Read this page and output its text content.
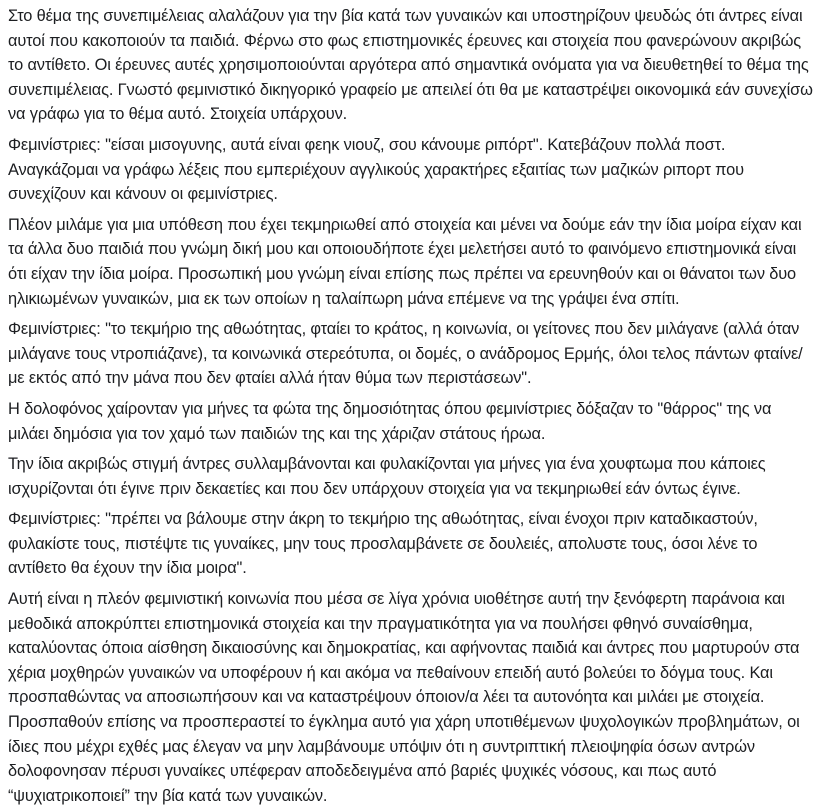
Στο θέμα της συνεπιμέλειας αλαλάζουν για την βία κατά των γυναικών και υποστηρίζουν ψευδώς ότι άντρες είναι αυτοί που κακοποιούν τα παιδιά. Φέρνω στο φως επιστημονικές έρευνες και στοιχεία που φανερώνουν ακριβώς το αντίθετο. Οι έρευνες αυτές χρησιμοποιούνται αργότερα από σημαντικά ονόματα για να διευθετηθεί το θέμα της συνεπιμέλειας. Γνωστό φεμινιστικό δικηγορικό γραφείο με απειλεί ότι θα με καταστρέψει οικονομικά εάν συνεχίσω να γράφω για το θέμα αυτό. Στοιχεία υπάρχουν.

Φεμινίστριες: "είσαι μισογυνης, αυτά είναι φεηκ νιουζ, σου κάνουμε ριπόρτ". Κατεβάζουν πολλά ποστ. Αναγκάζομαι να γράφω λέξεις που εμπεριέχουν αγγλικούς χαρακτήρες εξαιτίας των μαζικών ριπορτ που συνεχίζουν και κάνουν οι φεμινίστριες.

Πλέον μιλάμε για μια υπόθεση που έχει τεκμηριωθεί από στοιχεία και μένει να δούμε εάν την ίδια μοίρα είχαν και τα άλλα δυο παιδιά που γνώμη δική μου και οποιουδήποτε έχει μελετήσει αυτό το φαινόμενο επιστημονικά είναι ότι είχαν την ίδια μοίρα. Προσωπική μου γνώμη είναι επίσης πως πρέπει να ερευνηθούν και οι θάνατοι των δυο ηλικιωμένων γυναικών, μια εκ των οποίων η ταλαίπωρη μάνα επέμενε να της γράψει ένα σπίτι.

Φεμινίστριες: "το τεκμήριο της αθωότητας, φταίει το κράτος, η κοινωνία, οι γείτονες που δεν μιλάγανε (αλλά όταν μιλάγανε τους ντροπιάζανε), τα κοινωνικά στερεότυπα, οι δομές, ο ανάδρομος Ερμής, όλοι τελος πάντων φταίνε/με εκτός από την μάνα που δεν φταίει αλλά ήταν θύμα των περιστάσεων".

Η δολοφόνος χαίρονταν για μήνες τα φώτα της δημοσιότητας όπου φεμινίστριες δόξαζαν το "θάρρος" της να μιλάει δημόσια για τον χαμό των παιδιών της και της χάριζαν στάτους ήρωα.

Την ίδια ακριβώς στιγμή άντρες συλλαμβάνονται και φυλακίζονται για μήνες για ένα χουφτωμα που κάποιες ισχυρίζονται ότι έγινε πριν δεκαετίες και που δεν υπάρχουν στοιχεία για να τεκμηριωθεί εάν όντως έγινε.

Φεμινίστριες: "πρέπει να βάλουμε στην άκρη το τεκμήριο της αθωότητας, είναι ένοχοι πριν καταδικαστούν, φυλακίστε τους, πιστέψτε τις γυναίκες, μην τους προσλαμβάνετε σε δουλειές, απολυστε τους, όσοι λένε το αντίθετο θα έχουν την ίδια μοιρα".

Αυτή είναι η πλεόν φεμινιστική κοινωνία που μέσα σε λίγα χρόνια υιοθέτησε αυτή την ξενόφερτη παράνοια και μεθοδικά αποκρύπτει επιστημονικά στοιχεία και την πραγματικότητα για να πουλήσει φθηνό συναίσθημα, καταλύοντας όποια αίσθηση δικαιοσύνης και δημοκρατίας, και αφήνοντας παιδιά και άντρες που μαρτυρούν στα χέρια μοχθηρών γυναικών να υποφέρουν ή και ακόμα να πεθαίνουν επειδή αυτό βολεύει το δόγμα τους. Και προσπαθώντας να αποσιωπήσουν και να καταστρέψουν όποιον/α λέει τα αυτονόητα και μιλάει με στοιχεία. Προσπαθούν επίσης να προσπεραστεί το έγκλημα αυτό για χάρη υποτιθέμενων ψυχολογικών προβλημάτων, οι ίδιες που μέχρι εχθές μας έλεγαν να μην λαμβάνουμε υπόψιν ότι η συντριπτική πλειοψηφία όσων αντρών δολοφονησαν πέρυσι γυναίκες υπέφεραν αποδεδειγμένα από βαριές ψυχικές νόσους, και πως αυτό “ψυχιατρικοποιεί” την βία κατά των γυναικών.
